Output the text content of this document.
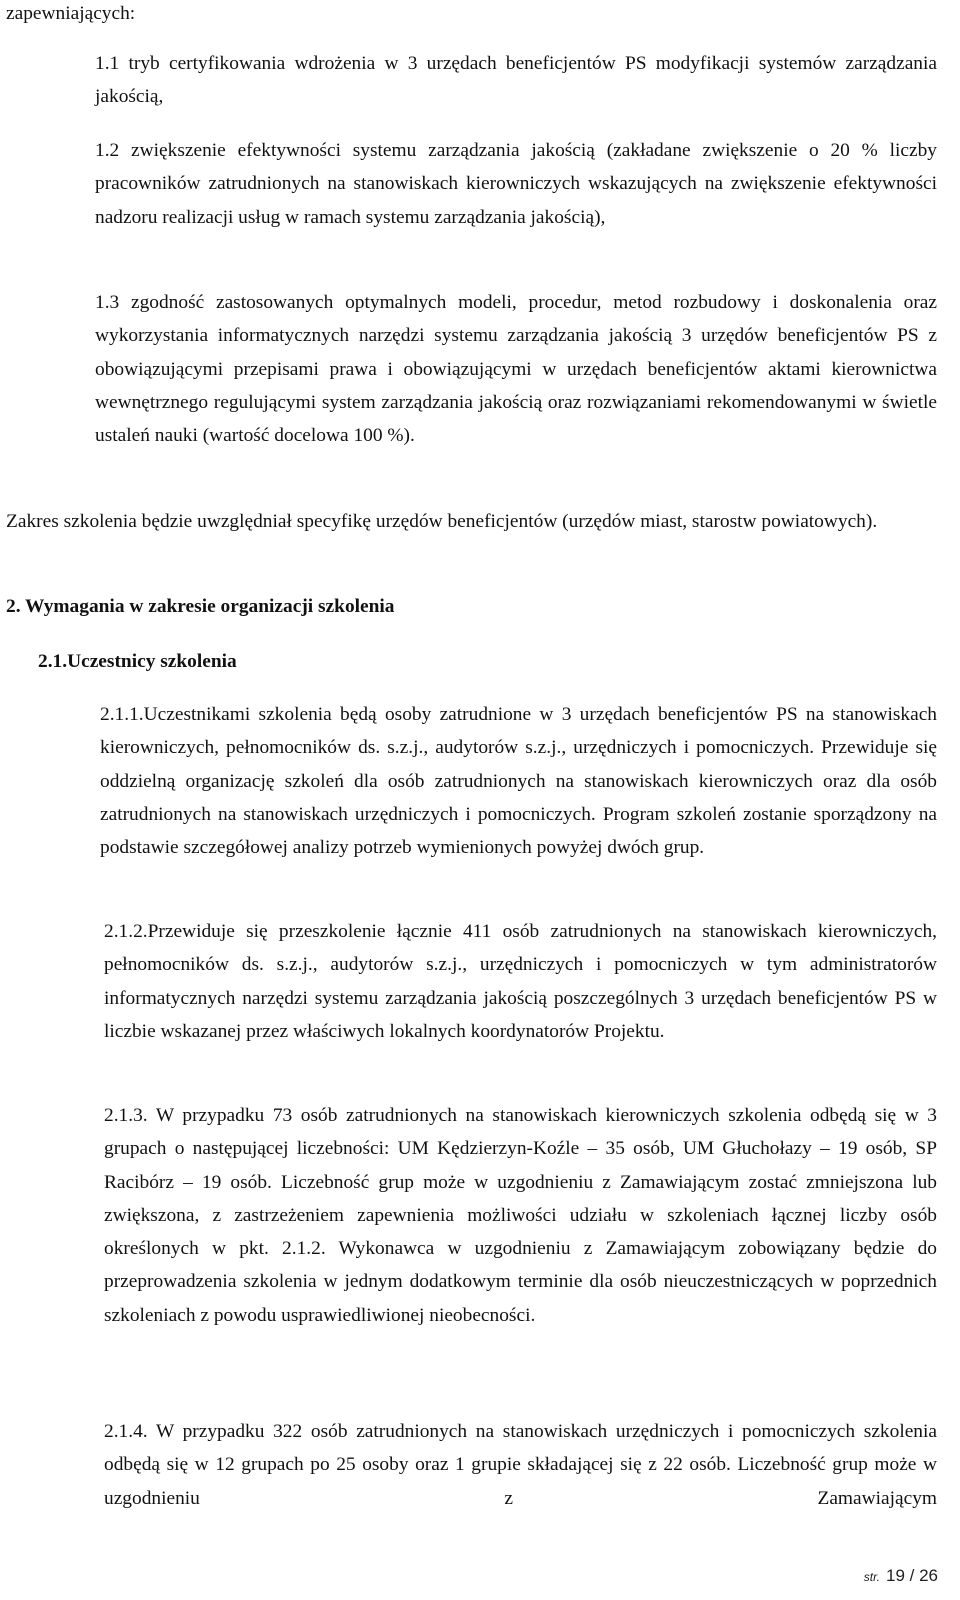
zapewniających:

1.1 tryb certyfikowania wdrożenia w 3 urzędach beneficjentów PS modyfikacji systemów zarządzania jakością,

1.2 zwiększenie efektywności systemu zarządzania jakością (zakładane zwiększenie o 20 % liczby pracowników zatrudnionych na stanowiskach kierowniczych wskazujących na zwiększenie efektywności nadzoru realizacji usług w ramach systemu zarządzania jakością),

1.3 zgodność zastosowanych optymalnych modeli, procedur, metod rozbudowy i doskonalenia oraz wykorzystania informatycznych narzędzi systemu zarządzania jakością 3 urzędów beneficjentów PS z obowiązującymi przepisami prawa i obowiązującymi w urzędach beneficjentów aktami kierownictwa wewnętrznego regulującymi system zarządzania jakością oraz rozwiązaniami rekomendowanymi w świetle ustaleń nauki (wartość docelowa 100 %).

Zakres szkolenia będzie uwzględniał specyfikę urzędów beneficjentów (urzędów miast, starostw powiatowych).

2. Wymagania w zakresie organizacji szkolenia
2.1.Uczestnicy szkolenia

2.1.1.Uczestnikami szkolenia będą osoby zatrudnione w 3 urzędach beneficjentów PS na stanowiskach kierowniczych, pełnomocników ds. s.z.j., audytorów s.z.j., urzędniczych i pomocniczych. Przewiduje się oddzielną organizację szkoleń dla osób zatrudnionych na stanowiskach kierowniczych oraz dla osób zatrudnionych na stanowiskach urzędniczych i pomocniczych. Program szkoleń zostanie sporządzony na podstawie szczegółowej analizy potrzeb wymienionych powyżej dwóch grup.

2.1.2.Przewiduje się przeszkolenie łącznie 411 osób zatrudnionych na stanowiskach kierowniczych, pełnomocników ds. s.z.j., audytorów s.z.j., urzędniczych i pomocniczych w tym administratorów informatycznych narzędzi systemu zarządzania jakością poszczególnych 3 urzędach beneficjentów PS w liczbie wskazanej przez właściwych lokalnych koordynatorów Projektu.

2.1.3. W przypadku 73 osób zatrudnionych na stanowiskach kierowniczych szkolenia odbędą się w 3 grupach o następującej liczebności: UM Kędzierzyn-Koźle – 35 osób, UM Głuchołazy – 19 osób, SP Racibórz – 19 osób. Liczebność grup może w uzgodnieniu z Zamawiającym zostać zmniejszona lub zwiększona, z zastrzeżeniem zapewnienia możliwości udziału w szkoleniach łącznej liczby osób określonych w pkt. 2.1.2. Wykonawca w uzgodnieniu z Zamawiającym zobowiązany będzie do przeprowadzenia szkolenia w jednym dodatkowym terminie dla osób nieuczestniczących w poprzednich szkoleniach z powodu usprawiedliwionej nieobecności.

2.1.4. W przypadku 322 osób zatrudnionych na stanowiskach urzędniczych i pomocniczych szkolenia odbędą się w 12 grupach po 25 osoby oraz 1 grupie składającej się z 22 osób. Liczebność grup może w uzgodnieniu z Zamawiającym

str. 19 / 26
